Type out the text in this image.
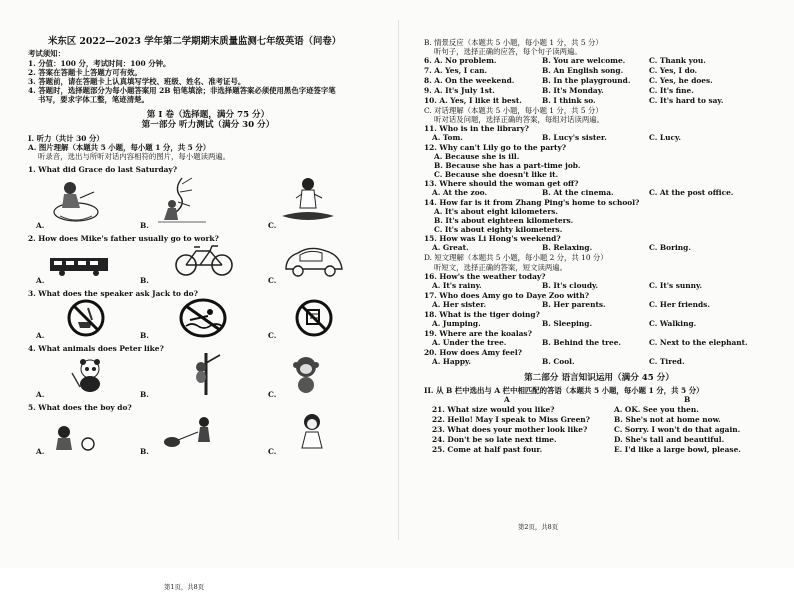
米东区 2022—2023 学年第二学期期末质量监测七年级英语（问卷）
考试须知：
1. 分值：100 分，考试时间：100 分钟。
2. 答案在答题卡上答题方可有效。
3. 答题前，请在答题卡上认真填写学校、班级、姓名、准考证号。
4. 答题时，选择题部分为每小题答案用 2B 铅笔填涂；非选择题答案必须使用黑色字迹签字笔
书写，要求字体工整，笔迹清楚。
第 I 卷（选择题，满分 75 分）
第一部分 听力测试（满分 30 分）
I. 听力（共计 30 分）
A. 图片理解（本题共 5 小题，每小题 1 分，共 5 分）
听录音，选出与所听对话内容相符的图片，每小题读两遍。
1. What did Grace do last Saturday?
A.	B.	C.
2. How does Mike's father usually go to work?
A.	B.	C.
3. What does the speaker ask Jack to do?
A.	B.	C.
4. What animals does Peter like?
A.	B.	C.
5. What does the boy do?
A.	B.	C.
第1页，共8页
B. 情景反应（本题共 5 小题，每小题 1 分，共 5 分）
听句子，选择正确的应答，每个句子读两遍。
6. A. No problem.	B. You are welcome.	C. Thank you.
7. A. Yes, I can.	B. An English song.	C. Yes, I do.
8. A. On the weekend.	B. In the playground.	C. Yes, he does.
9. A. It's July 1st.	B. It's Monday.	C. It's fine.
10. A. Yes, I like it best.	B. I think so.	C. It's hard to say.
C. 对话理解（本题共 5 小题，每小题 1 分，共 5 分）
听对话及问题，选择正确的答案，每组对话读两遍。
11. Who is in the library?
A. Tom.	B. Lucy's sister.	C. Lucy.
12. Why can't Lily go to the party?
A. Because she is ill.
B. Because she has a part-time job.
C. Because she doesn't like it.
13. Where should the woman get off?
A. At the zoo.	B. At the cinema.	C. At the post office.
14. How far is it from Zhang Ping's home to school?
A. It's about eight kilometers.
B. It's about eighteen kilometers.
C. It's about eighty kilometers.
15. How was Li Hong's weekend?
A. Great.	B. Relaxing.	C. Boring.
D. 短文理解（本题共 5 小题，每小题 2 分，共 10 分）
听短文，选择正确的答案，短文读两遍。
16. How's the weather today?
A. It's rainy.	B. It's cloudy.	C. It's sunny.
17. Who does Amy go to Daye Zoo with?
A. Her sister.	B. Her parents.	C. Her friends.
18. What is the tiger doing?
A. Jumping.	B. Sleeping.	C. Walking.
19. Where are the koalas?
A. Under the tree.	B. Behind the tree.	C. Next to the elephant.
20. How does Amy feel?
A. Happy.	B. Cool.	C. Tired.
第二部分 语言知识运用（满分 45 分）
II. 从 B 栏中选出与 A 栏中相匹配的答语（本题共 5 小题，每小题 1 分，共 5 分）
A	B
21. What size would you like?	A. OK. See you then.
22. Hello! May I speak to Miss Green?	B. She's not at home now.
23. What does your mother look like?	C. Sorry. I won't do that again.
24. Don't be so late next time.	D. She's tall and beautiful.
25. Come at half past four.	E. I'd like a large bowl, please.
第2页，共8页
